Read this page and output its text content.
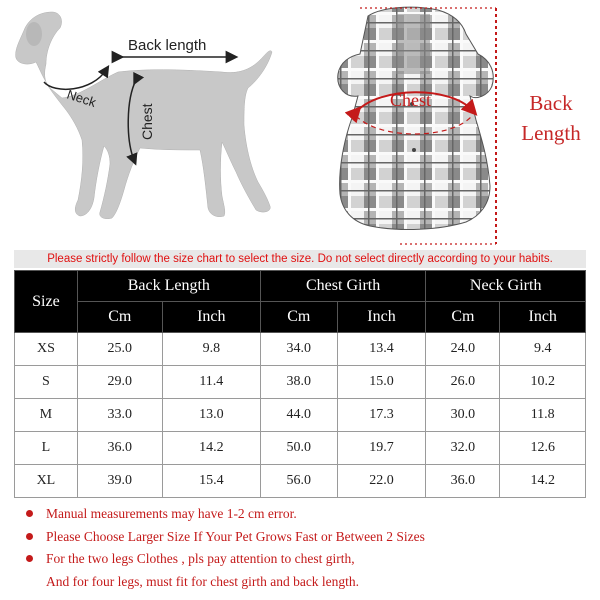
Back length
Neck
Chest
Chest	Back
Length
Please strictly follow the size chart to select the size. Do not select directly according to your habits.
Size	Back Length		Chest Girth		Neck Girth	
	Cm	Inch	Cm	Inch	Cm	Inch
XS	25.0	9.8	34.0	13.4	24.0	9.4
S	29.0	11.4	38.0	15.0	26.0	10.2
M	33.0	13.0	44.0	17.3	30.0	11.8
L	36.0	14.2	50.0	19.7	32.0	12.6
XL	39.0	15.4	56.0	22.0	36.0	14.2
Manual measurements may have 1-2 cm error.
Please Choose Larger Size If Your Pet Grows Fast or Between 2 Sizes
For the two legs Clothes , pls pay attention to chest girth,
And for four legs, must fit for chest girth and back length.
